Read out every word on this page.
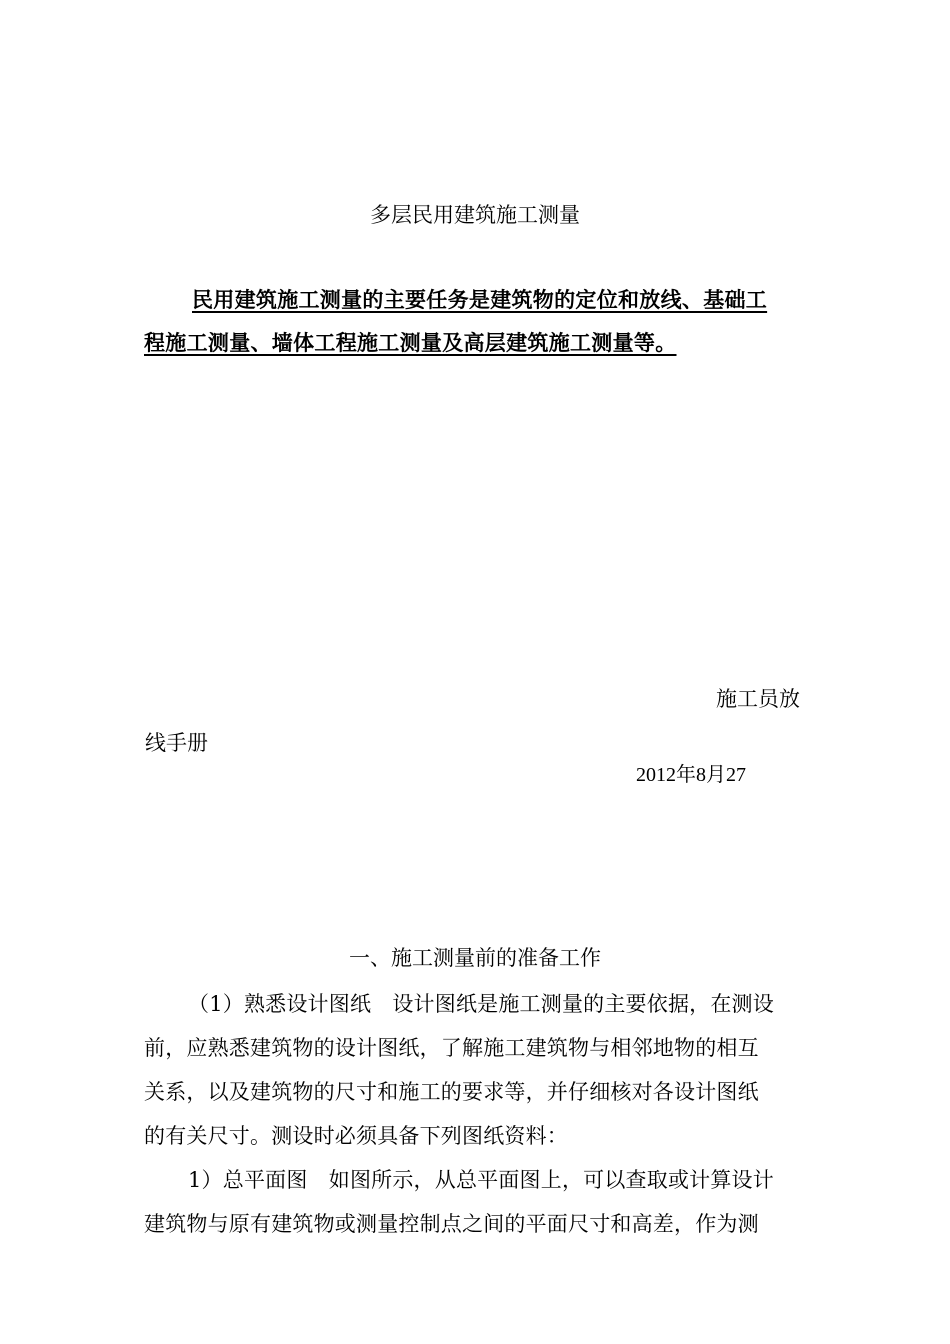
多层民用建筑施工测量
民用建筑施工测量的主要任务是建筑物的定位和放线、基础工
程施工测量、墙体工程施工测量及高层建筑施工测量等。
施工员放
线手册
2012年8月27
一、施工测量前的准备工作

（1）熟悉设计图纸　设计图纸是施工测量的主要依据，在测设
前，应熟悉建筑物的设计图纸，了解施工建筑物与相邻地物的相互
关系，以及建筑物的尺寸和施工的要求等，并仔细核对各设计图纸
的有关尺寸。测设时必须具备下列图纸资料：

1）总平面图　如图所示，从总平面图上，可以查取或计算设计
建筑物与原有建筑物或测量控制点之间的平面尺寸和高差，作为测
